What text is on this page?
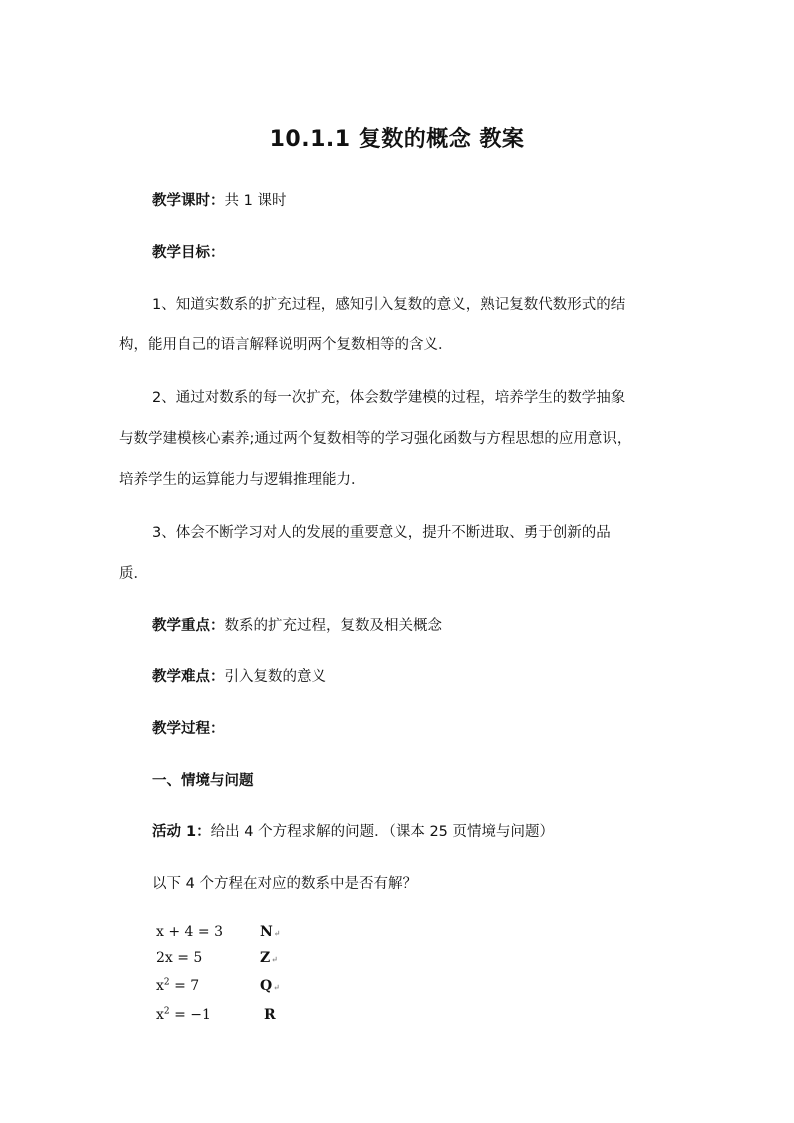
10.1.1 复数的概念 教案
教学课时：共 1 课时
教学目标：
1、知道实数系的扩充过程，感知引入复数的意义，熟记复数代数形式的结
构，能用自己的语言解释说明两个复数相等的含义．
2、通过对数系的每一次扩充，体会数学建模的过程，培养学生的数学抽象
与数学建模核心素养;通过两个复数相等的学习强化函数与方程思想的应用意识，
培养学生的运算能力与逻辑推理能力．
3、体会不断学习对人的发展的重要意义，提升不断进取、勇于创新的品
质．
教学重点：数系的扩充过程，复数及相关概念
教学难点：引入复数的意义
教学过程：
一、情境与问题
活动 1：给出 4 个方程求解的问题．（课本 25 页情境与问题）
以下 4 个方程在对应的数系中是否有解？
x + 4 = 3
2x = 5
$x^2 = 7$
$x^2 = -1$
N↵
Z↵
Q↵
R
